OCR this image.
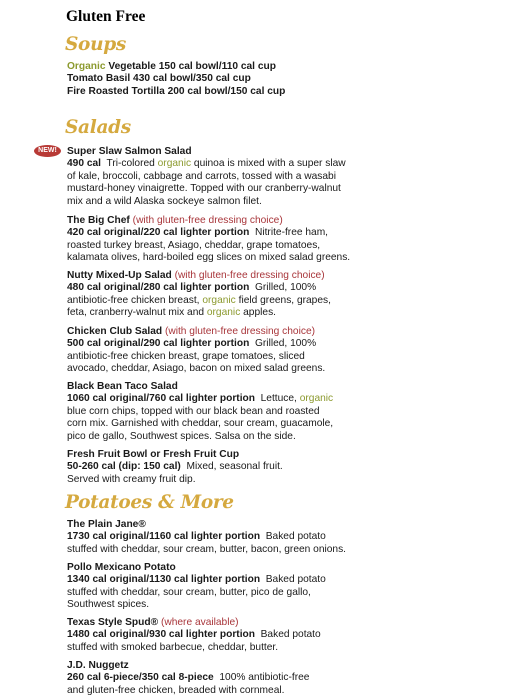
Gluten Free
Soups
Organic Vegetable 150 cal bowl/110 cal cup
Tomato Basil 430 cal bowl/350 cal cup
Fire Roasted Tortilla 200 cal bowl/150 cal cup
Salads
NEW! Super Slaw Salmon Salad
490 cal Tri-colored organic quinoa is mixed with a super slaw
of kale, broccoli, cabbage and carrots, tossed with a wasabi
mustard-honey vinaigrette. Topped with our cranberry-walnut
mix and a wild Alaska sockeye salmon filet.
The Big Chef (with gluten-free dressing choice)
420 cal original/220 cal lighter portion Nitrite-free ham,
roasted turkey breast, Asiago, cheddar, grape tomatoes,
kalamata olives, hard-boiled egg slices on mixed salad greens.
Nutty Mixed-Up Salad (with gluten-free dressing choice)
480 cal original/280 cal lighter portion Grilled, 100%
antibiotic-free chicken breast, organic field greens, grapes,
feta, cranberry-walnut mix and organic apples.
Chicken Club Salad (with gluten-free dressing choice)
500 cal original/290 cal lighter portion Grilled, 100%
antibiotic-free chicken breast, grape tomatoes, sliced
avocado, cheddar, Asiago, bacon on mixed salad greens.
Black Bean Taco Salad
1060 cal original/760 cal lighter portion Lettuce, organic
blue corn chips, topped with our black bean and roasted
corn mix. Garnished with cheddar, sour cream, guacamole,
pico de gallo, Southwest spices. Salsa on the side.
Fresh Fruit Bowl or Fresh Fruit Cup
50-260 cal (dip: 150 cal) Mixed, seasonal fruit.
Served with creamy fruit dip.
Potatoes & More
The Plain Jane®
1730 cal original/1160 cal lighter portion Baked potato
stuffed with cheddar, sour cream, butter, bacon, green onions.
Pollo Mexicano Potato
1340 cal original/1130 cal lighter portion Baked potato
stuffed with cheddar, sour cream, butter, pico de gallo,
Southwest spices.
Texas Style Spud® (where available)
1480 cal original/930 cal lighter portion Baked potato
stuffed with smoked barbecue, cheddar, butter.
J.D. Nuggetz
260 cal 6-piece/350 cal 8-piece 100% antibiotic-free
and gluten-free chicken, breaded with cornmeal.
